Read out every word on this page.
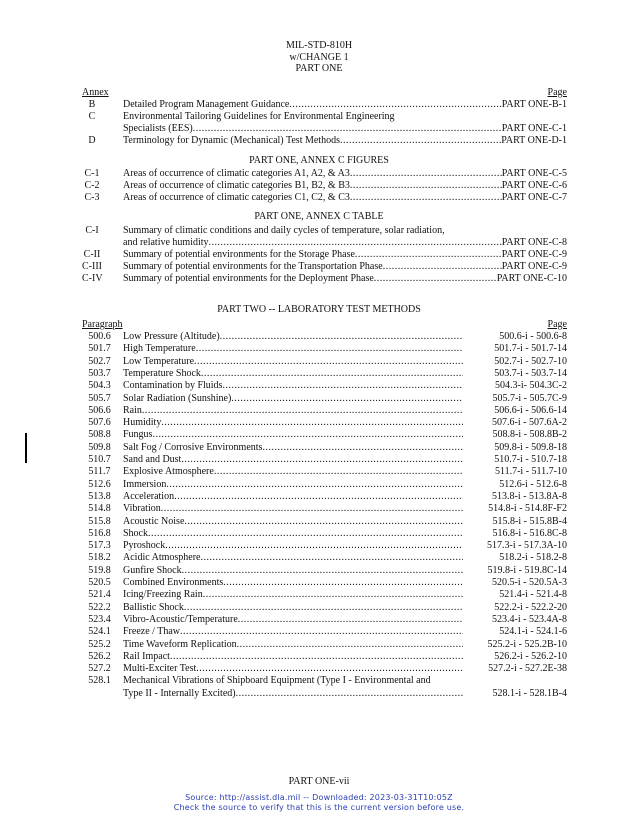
MIL-STD-810H
w/CHANGE 1
PART ONE
Annex	Page
B	Detailed Program Management Guidance .....	PART ONE-B-1
C	Environmental Tailoring Guidelines for Environmental Engineering
Specialists (EES) .....	PART ONE-C-1
D	Terminology for Dynamic (Mechanical) Test Methods .....	PART ONE-D-1
PART ONE, ANNEX C FIGURES
C-1 Areas of occurrence of climatic categories A1, A2, & A3 .....	PART ONE-C-5
C-2 Areas of occurrence of climatic categories B1, B2, & B3 .....	PART ONE-C-6
C-3 Areas of occurrence of climatic categories C1, C2, & C3 .....	PART ONE-C-7
PART ONE, ANNEX C TABLE
C-I	Summary of climatic conditions and daily cycles of temperature, solar radiation,
and relative humidity .....	PART ONE-C-8
C-II Summary of potential environments for the Storage Phase .....	PART ONE-C-9
C-III Summary of potential environments for the Transportation Phase .....	PART ONE-C-9
C-IV Summary of potential environments for the Deployment Phase .....	PART ONE-C-10
PART TWO -- LABORATORY TEST METHODS
Paragraph	Page
500.6	Low Pressure (Altitude) .....	500.6-i - 500.6-8
501.7	High Temperature .....	501.7-i - 501.7-14
502.7	Low Temperature .....	502.7-i - 502.7-10
503.7	Temperature Shock .....	503.7-i - 503.7-14
504.3	Contamination by Fluids .....	504.3-i- 504.3C-2
505.7	Solar Radiation (Sunshine) .....	505.7-i - 505.7C-9
506.6	Rain .....	506.6-i - 506.6-14
507.6	Humidity .....	507.6-i - 507.6A-2
508.8	Fungus .....	508.8-i - 508.8B-2
509.8	Salt Fog / Corrosive Environments .....	509.8-i - 509.8-18
510.7	Sand and Dust .....	510.7-i - 510.7-18
511.7	Explosive Atmosphere .....	511.7-i - 511.7-10
512.6	Immersion .....	512.6-i - 512.6-8
513.8	Acceleration .....	513.8-i - 513.8A-8
514.8	Vibration .....	514.8-i - 514.8F-F2
515.8	Acoustic Noise .....	515.8-i - 515.8B-4
516.8	Shock .....	516.8-i - 516.8C-8
517.3	Pyroshock .....	517.3-i - 517.3A-10
518.2	Acidic Atmosphere .....	518.2-i - 518.2-8
519.8	Gunfire Shock .....	519.8-i - 519.8C-14
520.5	Combined Environments .....	520.5-i - 520.5A-3
521.4	Icing/Freezing Rain .....	521.4-i - 521.4-8
522.2	Ballistic Shock .....	522.2-i - 522.2-20
523.4	Vibro-Acoustic/Temperature .....	523.4-i - 523.4A-8
524.1	Freeze / Thaw .....	524.1-i - 524.1-6
525.2	Time Waveform Replication .....	525.2-i - 525.2B-10
526.2	Rail Impact .....	526.2-i - 526.2-10
527.2	Multi-Exciter Test .....	527.2-i - 527.2E-38
528.1	Mechanical Vibrations of Shipboard Equipment (Type I - Environmental and
Type II - Internally Excited) .....	528.1-i - 528.1B-4
PART ONE-vii
Source: http://assist.dla.mil -- Downloaded: 2023-03-31T10:05Z
Check the source to verify that this is the current version before use.
